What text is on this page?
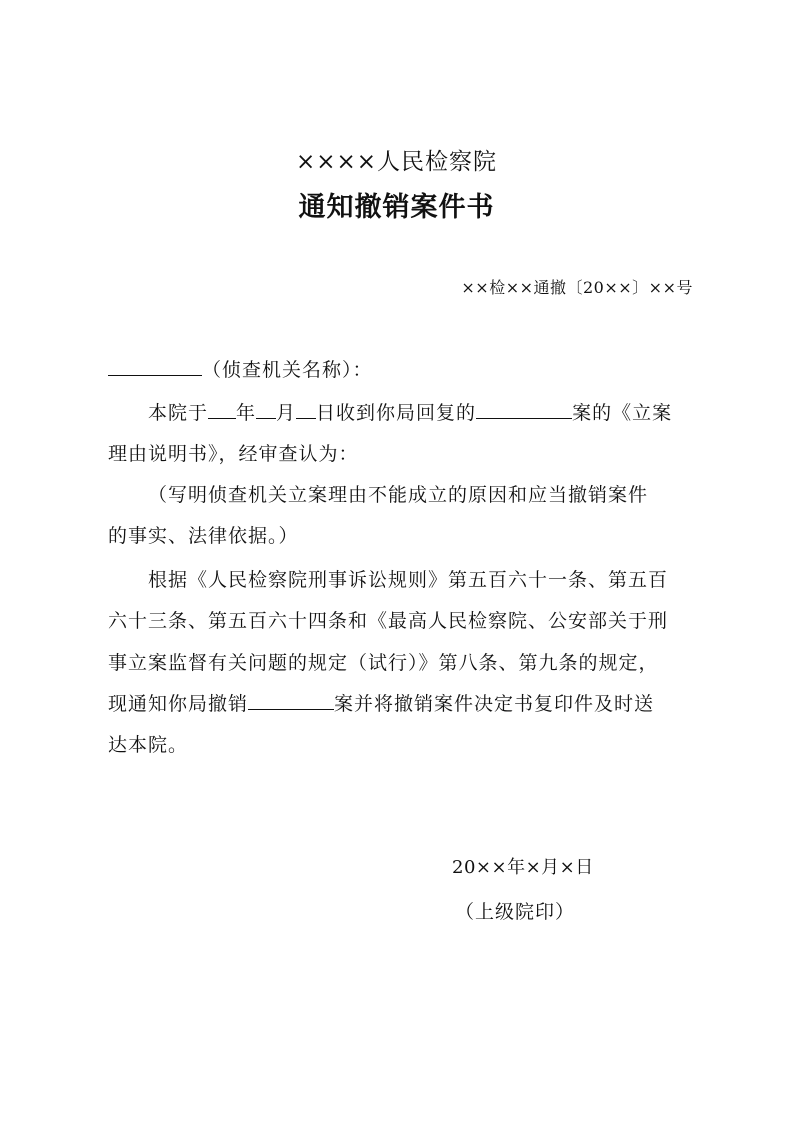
××××人民检察院
通知撤销案件书
××检××通撤〔20××〕××号
（侦查机关名称）：
本院于 年 月 日收到你局回复的	案的《立案
理由说明书》，经审查认为：
（写明侦查机关立案理由不能成立的原因和应当撤销案件
的事实、法律依据。）
根据《人民检察院刑事诉讼规则》第五百六十一条、第五百
六十三条、第五百六十四条和《最高人民检察院、公安部关于刑
事立案监督有关问题的规定（试行）》第八条、第九条的规定，
现通知你局撤销	案并将撤销案件决定书复印件及时送
达本院。
20××年×月×日
（上级院印）
